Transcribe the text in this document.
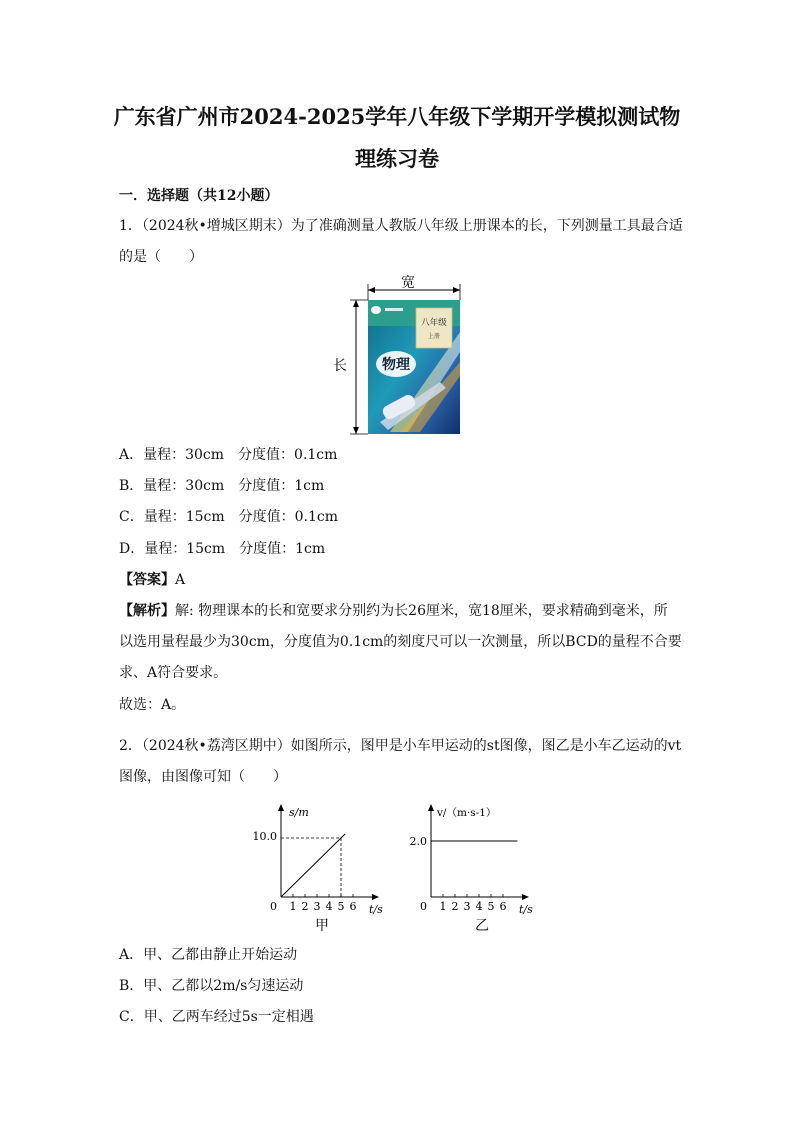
广东省广州市2024-2025学年八年级下学期开学模拟测试物
理练习卷
一．选择题（共12小题）
1．（2024秋•增城区期末）为了准确测量人教版八年级上册课本的长，下列测量工具最合适
的是（　　）
宽
长
八年级
上册
物理
A．量程：30cm　分度值：0.1cm
B．量程：30cm　分度值：1cm
C．量程：15cm　分度值：0.1cm
D．量程：15cm　分度值：1cm
【答案】A
【解析】解: 物理课本的长和宽要求分别约为长26厘米，宽18厘米，要求精确到毫米，所
以选用量程最少为30cm，分度值为0.1cm的刻度尺可以一次测量，所以BCD的量程不合要
求、A符合要求。
故选：A。
2．（2024秋•荔湾区期中）如图所示，图甲是小车甲运动的st图像，图乙是小车乙运动的vt
图像，由图像可知（　　）
s/m
t/s
10.0
0 1 2 3 4 5 6
甲
v/（m·s-1）
t/s
2.0
0 1 2 3 4 5 6
乙
A．甲、乙都由静止开始运动
B．甲、乙都以2m/s匀速运动
C．甲、乙两车经过5s一定相遇
